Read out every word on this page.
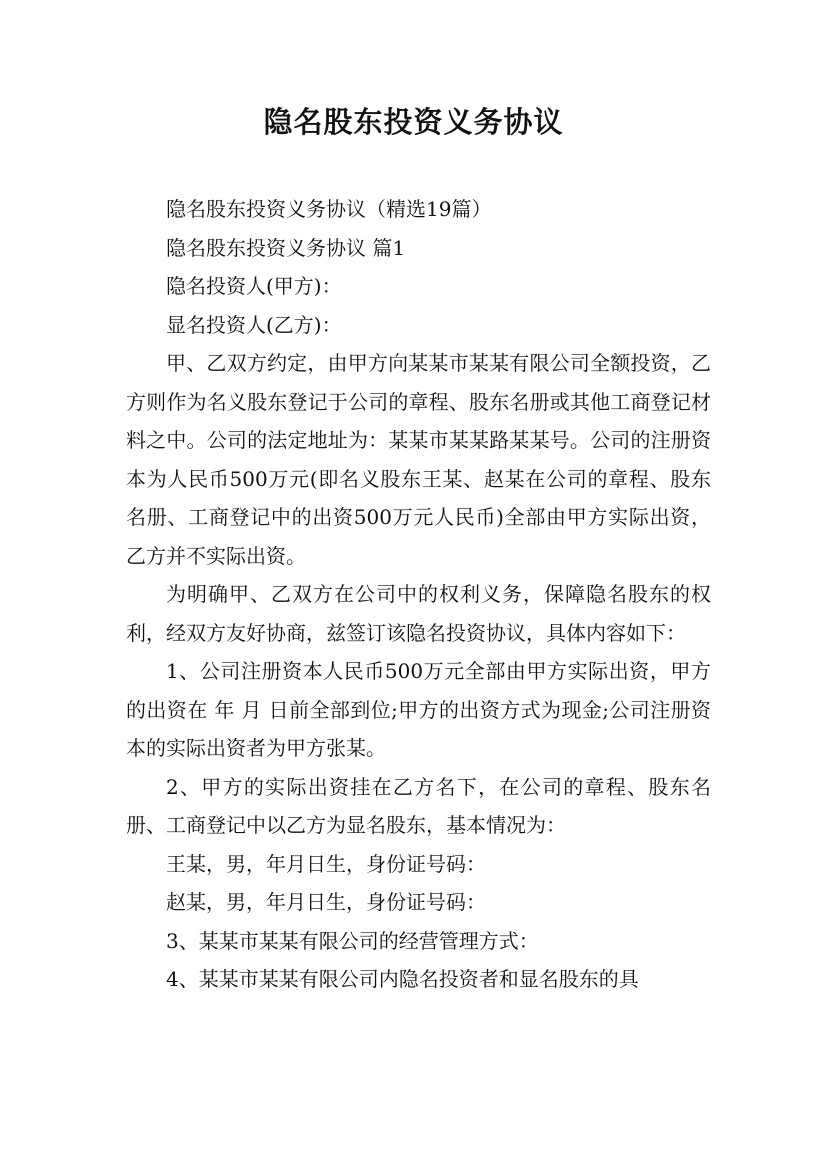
隐名股东投资义务协议

隐名股东投资义务协议（精选19篇）

隐名股东投资义务协议 篇1

隐名投资人(甲方)：

显名投资人(乙方)：

甲、乙双方约定，由甲方向某某市某某有限公司全额投资，乙方则作为名义股东登记于公司的章程、股东名册或其他工商登记材料之中。公司的法定地址为：某某市某某路某某号。公司的注册资本为人民币500万元(即名义股东王某、赵某在公司的章程、股东名册、工商登记中的出资500万元人民币)全部由甲方实际出资，乙方并不实际出资。

为明确甲、乙双方在公司中的权利义务，保障隐名股东的权利，经双方友好协商，兹签订该隐名投资协议，具体内容如下：

1、公司注册资本人民币500万元全部由甲方实际出资，甲方的出资在 年 月 日前全部到位;甲方的出资方式为现金;公司注册资本的实际出资者为甲方张某。

2、甲方的实际出资挂在乙方名下，在公司的章程、股东名册、工商登记中以乙方为显名股东，基本情况为：

王某，男，年月日生，身份证号码：

赵某，男，年月日生，身份证号码：

3、某某市某某有限公司的经营管理方式：

4、某某市某某有限公司内隐名投资者和显名股东的具
